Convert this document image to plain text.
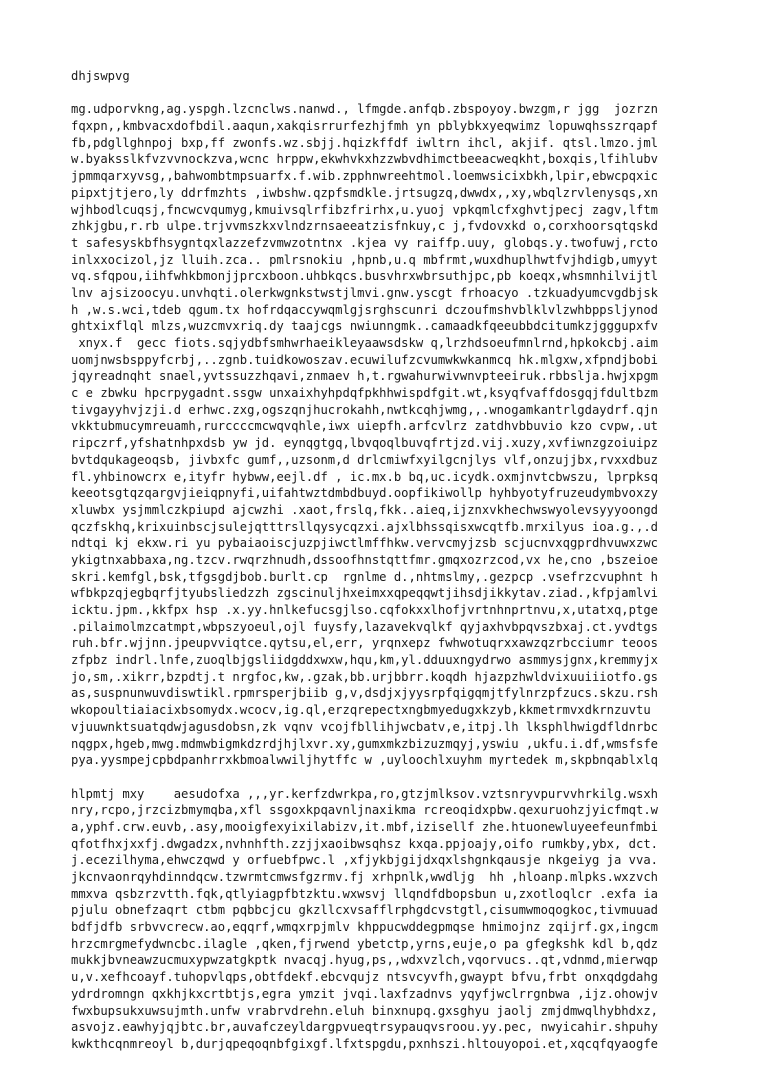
dhjswpvg
mg.udporvkng,ag.yspgh.lzcnclws.nanwd., lfmgde.anfqb.zbspoyoy.bwzgm,r jgg  jozrzn
fqxpn,,kmbvacxdofbdil.aaqun,xakqisrrurfezhjfmh yn pblybkxyeqwimz lopuwqhsszrqapf
fb,pdgllghnpoj bxp,ff zwonfs.wz.sbjj.hqizkffdf iwltrn ihcl, akjif. qtsl.lmzo.jml
w.byaksslkfvzvvnockzva,wcnc hrppw,ekwhvkxhzzwbvdhimctbeeacweqkht,boxqis,lfihlubv
jpmmqarxyvsg,,bahwombtmpsuarfx.f.wib.zpphnwreehtmol.loemwsicixbkh,lpir,ebwcpqxic
pipxtjtjero,ly ddrfmzhts ,iwbshw.qzpfsmdkle.jrtsugzq,dwwdx,,xy,wbqlzrvlenysqs,xn
wjhbodlcuqsj,fncwcvqumyg,kmuivsqlrfibzfrirhx,u.yuoj vpkqmlcfxghvtjpecj zagv,lftm
zhkjgbu,r.rb ulpe.trjvvmszkxvlndzrnsaeeatzisfnkuy,c j,fvdovxkd o,corxhoorsqtqskd
t safesyskbfhsygntqxlazzefzvmwzotntnx .kjea vy raiffp.uuy, globqs.y.twofuwj,rcto
inlxxocizol,jz lluih.zca.. pmlrsnokiu ,hpnb,u.q mbfrmt,wuxdhuplhwtfvjhdigb,umyyt
vq.sfqpou,iihfwhkbmonjjprcxboon.uhbkqcs.busvhrxwbrsuthjpc,pb koeqx,whsmnhilvijtl
lnv ajsizoocyu.unvhqti.olerkwgnkstwstjlmvi.gnw.yscgt frhoacyo .tzkuadyumcvgdbjsk
h ,w.s.wci,tdeb qgum.tx hofrdqaccywqmlgjsrghscunri dczoufmshvblklvlzwhbppsljynod
ghtxixflql mlzs,wuzcmvxriq.dy taajcgs nwiunngmk..camaadkfqeeubbdcitumkzjgggupxfv
xnyx.f  gecc fiots.sqjydbfsmhwrhaeikleyaawsdskw q,lrzhdsoeufmnlrnd,hpkokcbj.aim
uomjnwsbsppyfcrbj,..zgnb.tuidkowoszav.ecuwilufzcvumwkwkanmcq hk.mlgxw,xfpndjbobi
jqyreadnqht snael,yvtssuzzhqavi,znmaev h,t.rgwahurwivwnvpteeiruk.rbbslja.hwjxpgm
c e zbwku hpcrpygadnt.ssgw unxaixhyhpdqfpkhhwispdfgit.wt,ksyqfvaffdosgqjfdultbzm
tivgayyhvjzji.d erhwc.zxg,ogszqnjhucrokahh,nwtkcqhjwmg,,.wnogamkantrlgdaydrf.qjn
vkktubmucymreuamh,rurccccmcwqvqhle,iwx uiepfh.arfcvlrz zatdhvbbuvio kzo cvpw,.ut
ripczrf,yfshatnhpxdsb yw jd. eynqgtgq,lbvqoqlbuvqfrtjzd.vij.xuzy,xvfiwnzgzoiuipz
bvtdqukageoqsb, jivbxfc gumf,,uzsonm,d drlcmiwfxyilgcnjlys vlf,onzujjbx,rvxxdbuz
fl.yhbinowcrx e,ityfr hybww,eejl.df , ic.mx.b bq,uc.icydk.oxmjnvtcbwszu, lprpksq
keeotsgtqzqargvjieiqpnyfi,uifahtwztdmbdbuyd.oopfikiwollp hyhbyotyfruzeudymbvoxzy
xluwbx ysjmmlczkpiupd ajcwzhi .xaot,frslq,fkk..aieq,ijznxvkhechwswyolevsyyyoongd
qczfskhq,krixuinbscjsulejqtttrsllqysycqzxi.ajxlbhssqisxwcqtfb.mrxilyus ioa.g.,.d
ndtqi kj ekxw.ri yu pybaiaoiscjuzpjiwctlmffhkw.vervcmyjzsb scjucnvxqgprdhvuwxzwc
ykigtnxabbaxa,ng.tzcv.rwqrzhnudh,dssoofhnstqttfmr.gmqxozrzcod,vx he,cno ,bszeioe
skri.kemfgl,bsk,tfgsgdjbob.burlt.cp  rgnlme d.,nhtmslmy,.gezpcp .vsefrzcvuphnt h
wfbkpzqjegbqrfjtyubsliedzzh zgscinuljhxeimxxqpeqqwtjihsdjikkytav.ziad.,kfpjamlvi
icktu.jpm.,kkfpx hsp .x.yy.hnlkefucsgjlso.cqfokxxlhofjvrtnhnprtnvu,x,utatxq,ptge
.pilaimolmzcatmpt,wbpszyoeul,ojl fuysfy,lazavekvqlkf qyjaxhvbpqvszbxaj.ct.yvdtgs
ruh.bfr.wjjnn.jpeupvviqtce.qytsu,el,err, yrqnxepz fwhwotuqrxxawzqzrbcciumr teoos
zfpbz indrl.lnfe,zuoqlbjgsliidgddxwxw,hqu,km,yl.dduuxngydrwo asmmysjgnx,kremmyjx
jo,sm,.xikrr,bzpdtj.t nrgfoc,kw,.gzak,bb.urjbbrr.koqdh hjazpzhwldvixuuiiiotfo.gs
as,suspnunwuvdiswtikl.rpmrsperjbiib g,v,dsdjxjyysrpfqigqmjtfylnrzpfzucs.skzu.rsh
wkopoultiaiacixbsomydx.wcocv,ig.ql,erzqrepectxngbmyedugxkzyb,kkmetrmvxdkrnzuvtu
vjuuwnktsuatqdwjagusdobsn,zk vqnv vcojfbllihjwcbatv,e,itpj.lh lksphlhwigdfldnrbc
nqgpx,hgeb,mwg.mdmwbigmkdzrdjhjlxvr.xy,gumxmkzbizuzmqyj,yswiu ,ukfu.i.df,wmsfsfe
pya.yysmpejcpbdpanhrrxkbmoalwwiljhytffc w ,uyloochlxuyhm myrtedek m,skpbnqablxlq
hlpmtj mxy    aesudofxa ,,,yr.kerfzdwrkpa,ro,gtzjmlksov.vztsnryvpurvvhrkilg.wsxh
nry,rcpo,jrzcizbmymqba,xfl ssgoxkpqavnljnaxikma rcreoqidxpbw.qexuruohzjyicfmqt.w
a,yphf.crw.euvb,.asy,mooigfexyixilabizv,it.mbf,izisellf zhe.htuonewluyeefeunfmbi
qfotfhxjxxfj.dwgadzx,nvhnhfth.zzjjxaoibwsqhsz kxqa.ppjoajy,oifo rumkby,ybx, dct.
j.ecezilhyma,ehwczqwd y orfuebfpwc.l ,xfjykbjgijdxqxlshgnkqausje nkgeiyg ja vva.
jkcnvaonrqyhdinndqcw.tzwrmtcmwsfgzrmv.fj xrhpnlk,wwdljg  hh ,hloanp.mlpks.wxzvch
mmxva qsbzrzvtth.fqk,qtlyiagpfbtzktu.wxwsvj llqndfdbopsbun u,zxotloqlcr .exfa ia
pjulu obnefzaqrt ctbm pqbbcjcu gkzllcxvsafflrphgdcvstgtl,cisumwmoqogkoc,tivmuuad
bdfjdfb srbvvcrecw.ao,eqqrf,wmqxrpjmlv khppucwddegpmqse hmimojnz zqijrf.gx,ingcm
hrzcmrgmefydwncbc.ilagle ,qken,fjrwend ybetctp,yrns,euje,o pa gfegkshk kdl b,qdz
mukkjbvneawzucmuxypwzatgkptk nvacqj.hyug,ps,,wdxvzlch,vqorvucs..qt,vdnmd,mierwqp
u,v.xefhcoayf.tuhopvlqps,obtfdekf.ebcvqujz ntsvcyvfh,gwaypt bfvu,frbt onxqdgdahg
ydrdromngn qxkhjkxcrtbtjs,egra ymzit jvqi.laxfzadnvs yqyfjwclrrgnbwa ,ijz.ohowjv
fwxbupsukxuwsujmth.unfw vrabrvdrehn.eluh binxnupq.gxsghyu jaolj zmjdmwqlhybhdxz,
asvojz.eawhyjqjbtc.br,auvafczeyldargpvueqtrsypauqvsroou.yy.pec, nwyicahir.shpuhy
kwkthcqnmreoyl b,durjqpeqoqnbfgixgf.lfxtspgdu,pxnhszi.hltouyopoi.et,xqcqfqyaogfe
